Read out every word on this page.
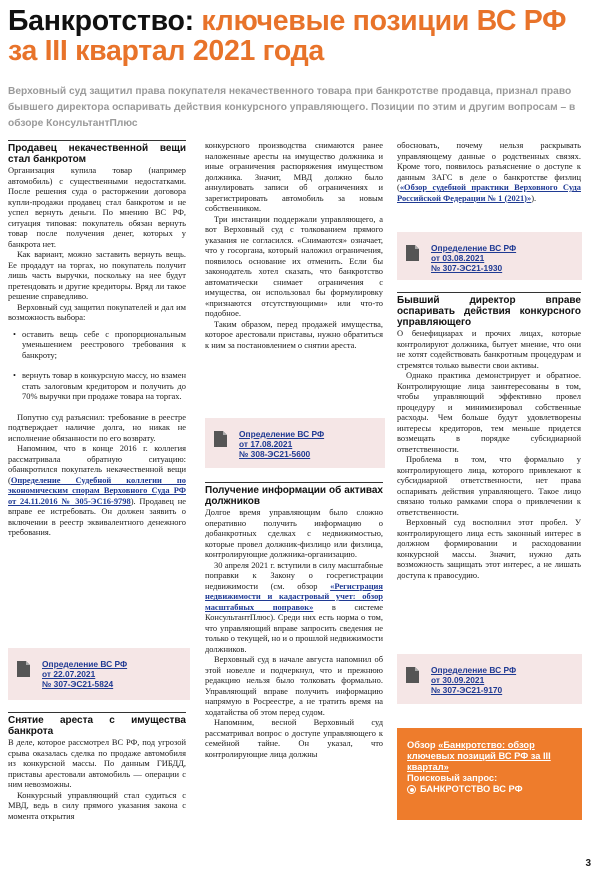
Банкротство: ключевые позиции ВС РФ за III квартал 2021 года
Верховный суд защитил права покупателя некачественного товара при банкротстве продавца, признал право бывшего директора оспаривать действия конкурсного управляющего. Позиции по этим и другим вопросам – в обзоре КонсультантПлюс
Продавец некачественной вещи стал банкротом

Организация купила товар (например автомобиль) с существенными недостатками. После решения суда о расторжении договора купли-продажи продавец стал банкротом и не успел вернуть деньги. По мнению ВС РФ, ситуация типовая: покупатель обязан вернуть товар после получения денег, которых у банкрота нет.

Как вариант, можно заставить вернуть вещь. Ее продадут на торгах, но покупатель получит лишь часть выручки, поскольку на нее будут претендовать и другие кредиторы. Вряд ли такое решение справедливо.

Верховный суд защитил покупателей и дал им возможность выбора:

• оставить вещь себе с пропорциональным уменьшением реестрового требования к банкроту;
• вернуть товар в конкурсную массу, но взамен стать залоговым кредитором и получить до 70% выручки при продаже товара на торгах.

Попутно суд разъяснил: требование в реестре подтверждает наличие долга, но никак не исполнение обязанности по его возврату.

Напомним, что в конце 2016 г. коллегия рассматривала обратную ситуацию: обанкротился покупатель некачественной вещи (Определение Судебной коллегии по экономическим спорам Верховного Суда РФ от 24.11.2016 № 305-ЭС16-9798). Продавец не вправе ее истребовать. Он должен заявить о включении в реестр эквивалентного денежного требования.

Определение ВС РФ
от 22.07.2021
№ 307-ЭС21-5824
Снятие ареста с имущества банкрота

В деле, которое рассмотрел ВС РФ, под угрозой срыва оказалась сделка по продаже автомобиля из конкурсной массы. По данным ГИБДД, приставы арестовали автомобиль — операции с ним невозможны.

Конкурсный управляющий стал судиться с МВД, ведь в силу прямого указания закона с момента открытия

конкурсного производства снимаются ранее наложенные аресты на имущество должника и иные ограничения распоряжения имуществом должника. Значит, МВД должно было аннулировать записи об ограничениях и зарегистрировать автомобиль за новым собственником.

Три инстанции поддержали управляющего, а вот Верховный суд с толкованием прямого указания не согласился. «Снимаются» означает, что у госоргана, который наложил ограничения, появилось основание их отменить. Если бы законодатель хотел сказать, что банкротство автоматически снимает ограничения с имущества, он использовал бы формулировку «признаются отсутствующими» или что-то подобное.

Таким образом, перед продажей имущества, которое арестовали приставы, нужно обратиться к ним за постановлением о снятии ареста.

Определение ВС РФ
от 17.08.2021
№ 308-ЭС21-5600
Получение информации об активах должников

Долгое время управляющим было сложно оперативно получить информацию о добанкротных сделках с недвижимостью, которые провел должник-физлицо или физлица, контролирующие должника-организацию.

30 апреля 2021 г. вступили в силу масштабные поправки к Закону о госрегистрации недвижимости (см. обзор «Регистрация недвижимости и кадастровый учет: обзор масштабных поправок» в системе КонсультантПлюс). Среди них есть норма о том, что управляющий вправе запросить сведения не только о текущей, но и о прошлой недвижимости должников.

Верховный суд в начале августа напомнил об этой новелле и подчеркнул, что и прежнюю редакцию нельзя было толковать формально. Управляющий вправе получить информацию напрямую в Росреестре, а не тратить время на ходатайства об этом перед судом.

Напомним, весной Верховный суд рассматривал вопрос о доступе управляющего к семейной тайне. Он указал, что контролирующие лица должны

обосновать, почему нельзя раскрывать управляющему данные о родственных связях. Кроме того, появилось разъяснение о доступе к данным ЗАГС в деле о банкротстве физлиц («Обзор судебной практики Верховного Суда Российской Федерации № 1 (2021)»).

Определение ВС РФ
от 03.08.2021
№ 307-ЭС21-1930
Бывший директор вправе оспаривать действия конкурсного управляющего

О бенефициарах и прочих лицах, которые контролируют должника, бытует мнение, что они не хотят содействовать банкротным процедурам и стремятся только вывести свои активы.

Однако практика демонстрирует и обратное. Контролирующие лица заинтересованы в том, чтобы управляющий эффективно провел процедуру и минимизировал собственные расходы. Чем больше будут удовлетворены интересы кредиторов, тем меньше придется возмещать в порядке субсидиарной ответственности.

Проблема в том, что формально у контролирующего лица, которого привлекают к субсидиарной ответственности, нет права оспаривать действия управляющего. Такое лицо связано только рамками спора о привлечении к ответственности.

Верховный суд восполнил этот пробел. У контролирующего лица есть законный интерес в должном формировании и расходовании конкурсной массы. Значит, нужно дать возможность защищать этот интерес, а не лишать доступа к правосудию.

Определение ВС РФ
от 30.09.2021
№ 307-ЭС21-9170
Обзор «Банкротство: обзор ключевых позиций ВС РФ за III квартал»
Поисковый запрос:
БАНКРОТСТВО ВС РФ
3
